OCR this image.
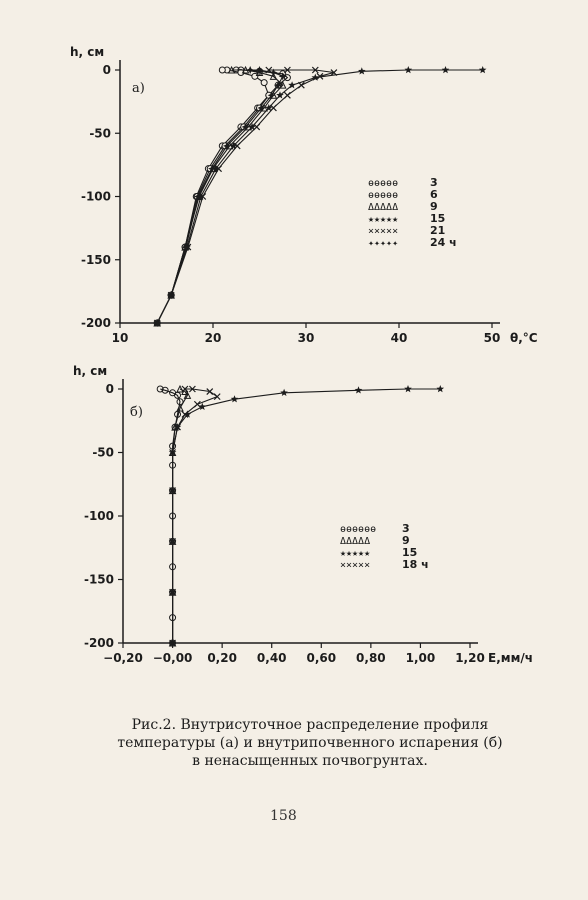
0
-50
-100
-150
-200
10	20	30	40	50
h, см
θ,°С
а)
ɵɵɵɵɵ	3
ɵɵɵɵɵ	6
ΔΔΔΔΔ	9
★★★★★	15
×××××	21
✦✦✦✦✦	24 ч
0
-50
-100
-150
-200
−0,20 −0,00 0,20 0,40 0,60 0,80 1,00 1,20
h, см
E,мм/ч
б)
ɵɵɵɵɵɵ 3
ΔΔΔΔΔ	9
★★★★★	15
×××××	18 ч
Рис.2. Внутрисуточное распределение профиля
температуры (а) и внутрипочвенного испарения (б)
в ненасыщенных почвогрунтах.
158
